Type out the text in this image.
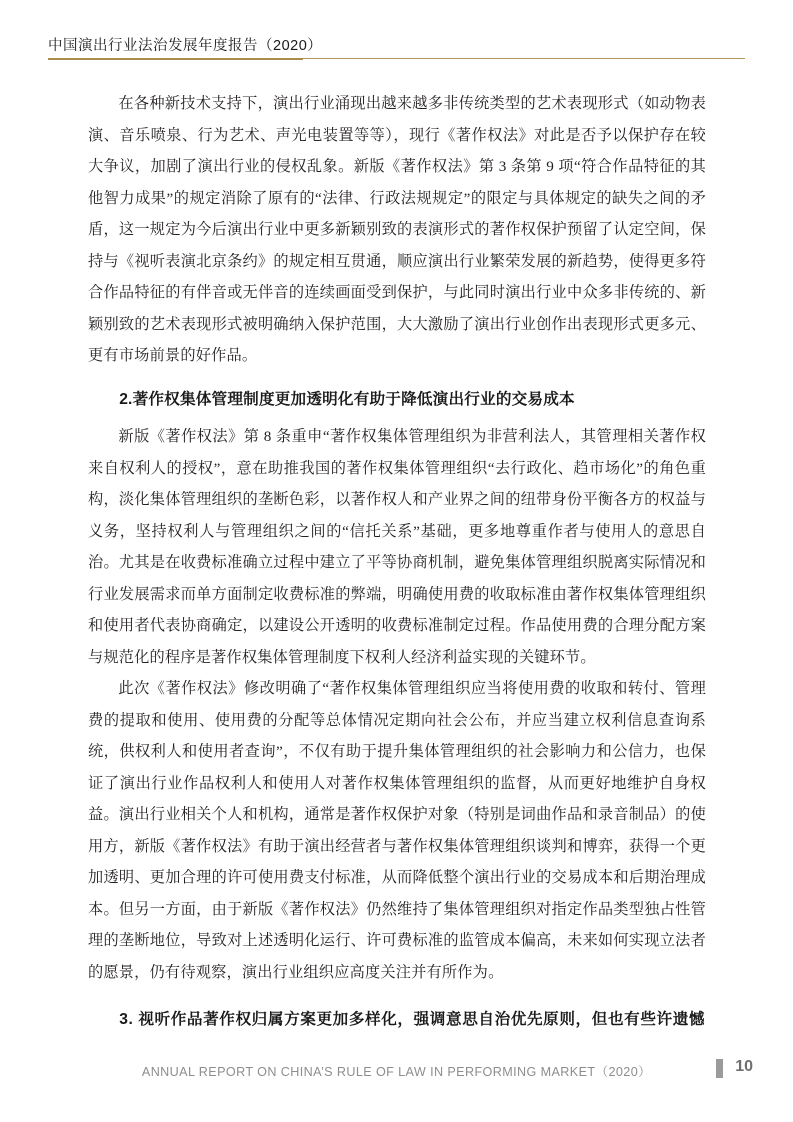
中国演出行业法治发展年度报告（2020）

在各种新技术支持下，演出行业涌现出越来越多非传统类型的艺术表现形式（如动物表演、音乐喷泉、行为艺术、声光电装置等等），现行《著作权法》对此是否予以保护存在较大争议，加剧了演出行业的侵权乱象。新版《著作权法》第 3 条第 9 项“符合作品特征的其他智力成果”的规定消除了原有的“法律、行政法规规定”的限定与具体规定的缺失之间的矛盾，这一规定为今后演出行业中更多新颖别致的表演形式的著作权保护预留了认定空间，保持与《视听表演北京条约》的规定相互贯通，顺应演出行业繁荣发展的新趋势，使得更多符合作品特征的有伴音或无伴音的连续画面受到保护，与此同时演出行业中众多非传统的、新颖别致的艺术表现形式被明确纳入保护范围，大大激励了演出行业创作出表现形式更多元、更有市场前景的好作品。

2.著作权集体管理制度更加透明化有助于降低演出行业的交易成本

新版《著作权法》第 8 条重申“著作权集体管理组织为非营利法人，其管理相关著作权来自权利人的授权”，意在助推我国的著作权集体管理组织“去行政化、趋市场化”的角色重构，淡化集体管理组织的垄断色彩，以著作权人和产业界之间的纽带身份平衡各方的权益与义务，坚持权利人与管理组织之间的“信托关系”基础，更多地尊重作者与使用人的意思自治。尤其是在收费标准确立过程中建立了平等协商机制，避免集体管理组织脱离实际情况和行业发展需求而单方面制定收费标准的弊端，明确使用费的收取标准由著作权集体管理组织和使用者代表协商确定，以建设公开透明的收费标准制定过程。作品使用费的合理分配方案与规范化的程序是著作权集体管理制度下权利人经济利益实现的关键环节。

此次《著作权法》修改明确了“著作权集体管理组织应当将使用费的收取和转付、管理费的提取和使用、使用费的分配等总体情况定期向社会公布，并应当建立权利信息查询系统，供权利人和使用者查询”，不仅有助于提升集体管理组织的社会影响力和公信力，也保证了演出行业作品权利人和使用人对著作权集体管理组织的监督，从而更好地维护自身权益。演出行业相关个人和机构，通常是著作权保护对象（特别是词曲作品和录音制品）的使用方，新版《著作权法》有助于演出经营者与著作权集体管理组织谈判和博弈，获得一个更加透明、更加合理的许可使用费支付标准，从而降低整个演出行业的交易成本和后期治理成本。但另一方面，由于新版《著作权法》仍然维持了集体管理组织对指定作品类型独占性管理的垄断地位，导致对上述透明化运行、许可费标准的监管成本偏高，未来如何实现立法者的愿景，仍有待观察，演出行业组织应高度关注并有所作为。

3. 视听作品著作权归属方案更加多样化，强调意思自治优先原则，但也有些许遗憾
ANNUAL REPORT ON CHINA’S RULE OF LAW IN PERFORMING MARKET（2020）	10
